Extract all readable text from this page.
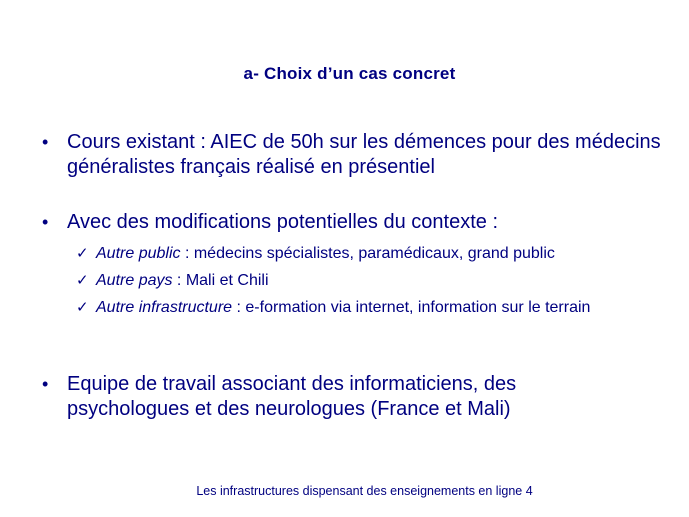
a- Choix d’un cas concret
• Cours existant : AIEC de 50h sur les démences pour des médecins généralistes français réalisé en présentiel
• Avec des modifications potentielles du contexte :
✓ Autre public : médecins spécialistes, paramédicaux, grand public
✓ Autre pays : Mali et Chili
✓ Autre infrastructure : e-formation via internet, information sur le terrain
• Equipe de travail associant des informaticiens, des psychologues et des neurologues (France et Mali)
Les infrastructures dispensant des enseignements en ligne 4
